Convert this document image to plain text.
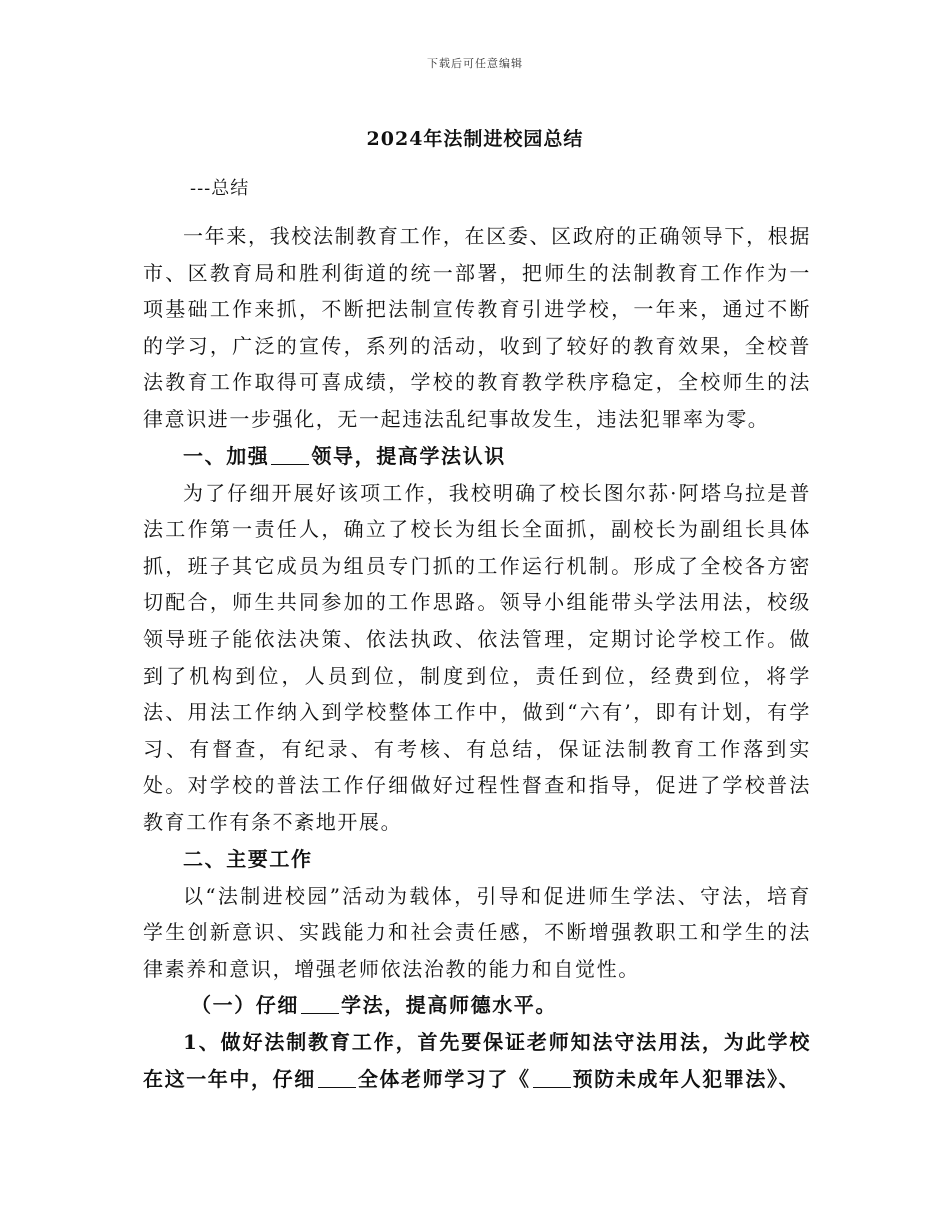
下载后可任意编辑
2024年法制进校园总结
---总结

一年来，我校法制教育工作，在区委、区政府的正确领导下，根据市、区教育局和胜利街道的统一部署，把师生的法制教育工作作为一项基础工作来抓，不断把法制宣传教育引进学校，一年来，通过不断的学习，广泛的宣传，系列的活动，收到了较好的教育效果，全校普法教育工作取得可喜成绩，学校的教育教学秩序稳定，全校师生的法律意识进一步强化，无一起违法乱纪事故发生，违法犯罪率为零。

一、加强 领导，提高学法认识

为了仔细开展好该项工作，我校明确了校长图尔荪·阿塔乌拉是普法工作第一责任人，确立了校长为组长全面抓，副校长为副组长具体抓，班子其它成员为组员专门抓的工作运行机制。形成了全校各方密切配合，师生共同参加的工作思路。领导小组能带头学法用法，校级领导班子能依法决策、依法执政、依法管理，定期讨论学校工作。做到了机构到位，人员到位，制度到位，责任到位，经费到位，将学法、用法工作纳入到学校整体工作中，做到“六有’，即有计划，有学习、有督查，有纪录、有考核、有总结，保证法制教育工作落到实处。对学校的普法工作仔细做好过程性督查和指导，促进了学校普法教育工作有条不紊地开展。

二、主要工作

以“法制进校园”活动为载体，引导和促进师生学法、守法，培育学生创新意识、实践能力和社会责任感，不断增强教职工和学生的法律素养和意识，增强老师依法治教的能力和自觉性。

（一）仔细 学法，提高师德水平。

1、做好法制教育工作，首先要保证老师知法守法用法，为此学校在这一年中，仔细 全体老师学习了《 预防未成年人犯罪法》、
